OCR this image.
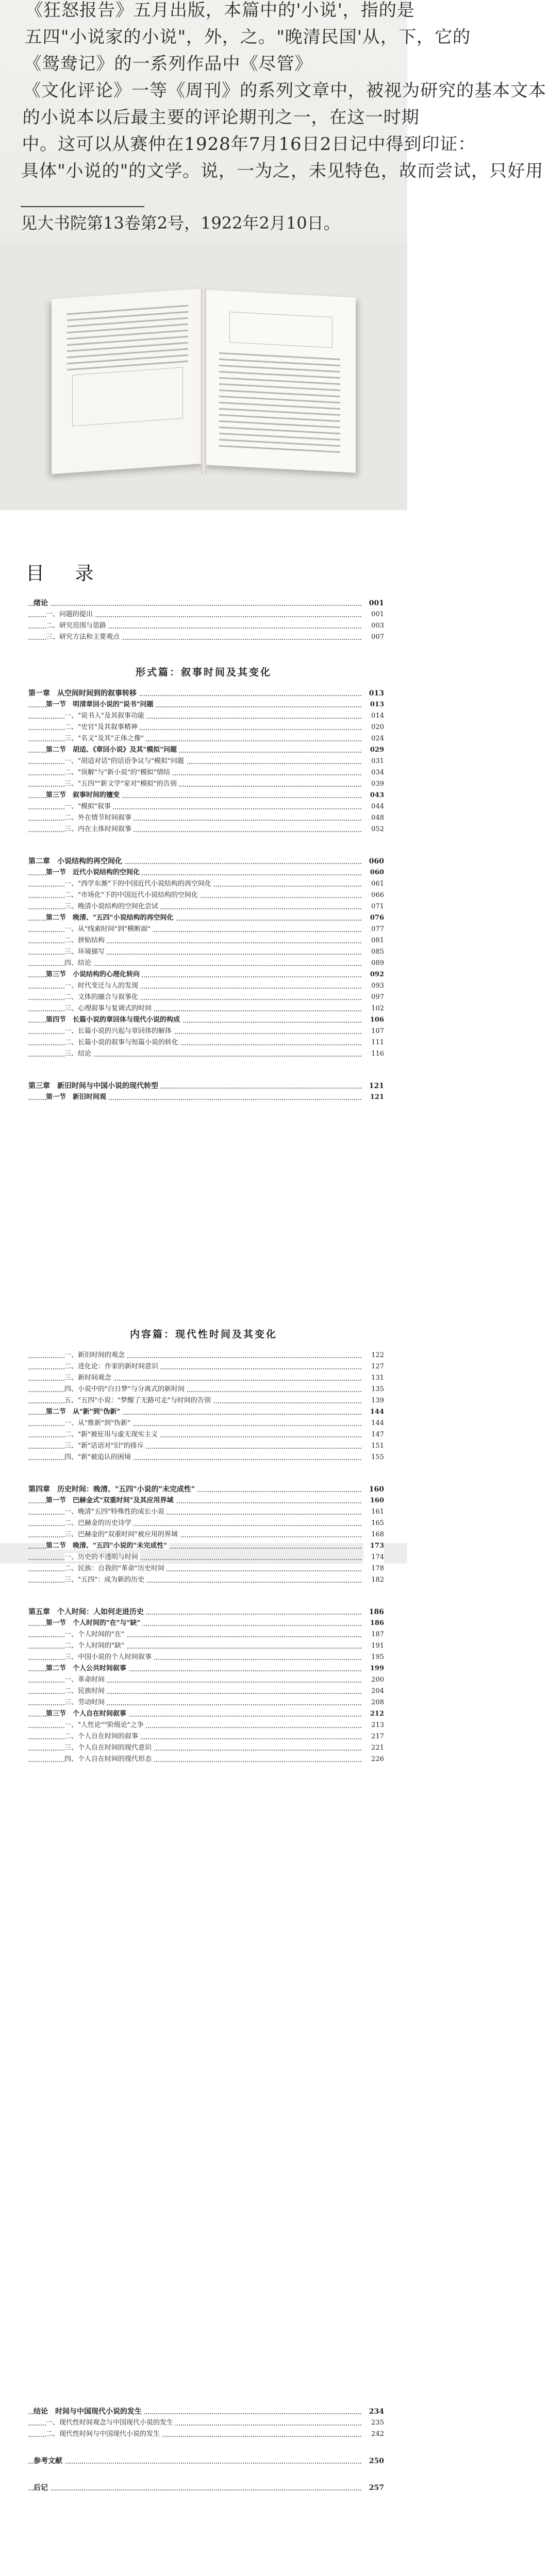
《狂怒报告》五月出版，本篇中的'小说'，指的是
五四"小说家的小说"，外，之。"晚清民国'从，下，它的
《鸳鸯记》的一系列作品中《尽管》
《文化评论》一等《周刊》的系列文章中，被视为研究的基本文本
的小说本以后最主要的评论期刊之一，在这一时期
中。这可以从赛仲在1928年7月16日2日记中得到印证：
具体"小说的"的文学。说，一为之，未见特色，故而尝试，只好用
见大书院第13卷第2号，1922年2月10日。
目 录
绪论	001
一、问题的提出	001
二、研究范围与思路	003
三、研究方法和主要观点	007
形式篇：叙事时间及其变化
第一章　从空间时间到的叙事转移	013
第一节　明清章回小说的"说书"问题	013
一、"说书人"及其叙事功能	014
二、"史官"及其叙事精神	020
三、"名义"及其"正体之像"	024
第二节　胡适、《章回小说》及其"模拟"问题	029
一、"胡适对话"的话语争议与"模拟"问题	031
二、"误解"与"新小说"的"模拟"情结	034
三、"五四""新文学"家对"模拟"的告别	039
第三节　叙事时间的嬗变	043
一、"模拟"叙事	044
二、外在情节时间叙事	048
三、内在主体时间叙事	052
第二章　小说结构的再空间化	060
第一节　近代小说结构的空间化	060
一、"西学东渐"下的中国近代小说结构的再空间化	061
二、"市场化"下的中国近代小说结构的空间化	066
三、晚清小说结构的空间化尝试	071
第二节　晚清、"五四"小说结构的再空间化	076
一、从"线索时间"到"横断面"	077
二、拼贴结构	081
三、环境描写	085
四、结论	089
第三节　小说结构的心理化转向	092
一、时代变迁与人的发现	093
二、文体的融合与叙事化	097
三、心理叙事与复调式的时间	102
第四节　长篇小说的章回体与现代小说的构成	106
一、长篇小说的兴起与章回体的解体	107
二、长篇小说的叙事与短篇小说的转化	111
三、结论	116
第三章　新旧时间与中国小说的现代转型	121
第一节　新旧时间观	121
内容篇：现代性时间及其变化
一、新旧时间的观念	122
二、进化论：作家的新时间意识	127
三、新时间观念	131
四、小说中的"白日梦"与分离式的新时间	135
五、"五四"小说："梦醒了无路可走"与时间的告别	139
第二节　从"新"到"伪新"	144
一、从"维新"到"伪新"	144
二、"新"被征用与虚无现实主义	147
三、"新"话语对"旧"的排斥	151
四、"新"被追认的困境	155
第四章　历史时间：晚清、"五四"小说的"未完成性"	160
第一节　巴赫金式"双重时间"及其应用界域	160
一、晚清"五四"特殊性的成长小说	161
二、巴赫金的历史诗学	165
三、巴赫金的"双重时间"被应用的界域	168
第二节　晚清、"五四"小说的"未完成性"	173
一、历史的不透明与时间	174
二、民族：自我的"革命"历史时间	178
三、"五四"：成为新的历史	182
第五章　个人时间：人如何走进历史	186
第一节　个人时间的"在"与"缺"	186
一、个人时间的"在"	187
二、个人时间的"缺"	191
三、中国小说的个人时间叙事	195
第二节　个人公共时间叙事	199
一、革命时间	200
二、民族时间	204
三、劳动时间	208
第三节　个人自在时间叙事	212
一、"人性论""阶级论"之争	213
二、个人自在时间的叙事	217
三、个人自在时间的现代意识	221
四、个人自在时间的现代形态	226
结论　时间与中国现代小说的发生	234
一、现代性时间观念与中国现代小说的发生	235
二、现代性时间与中国现代小说的发生	242
参考文献	250
后记	257
